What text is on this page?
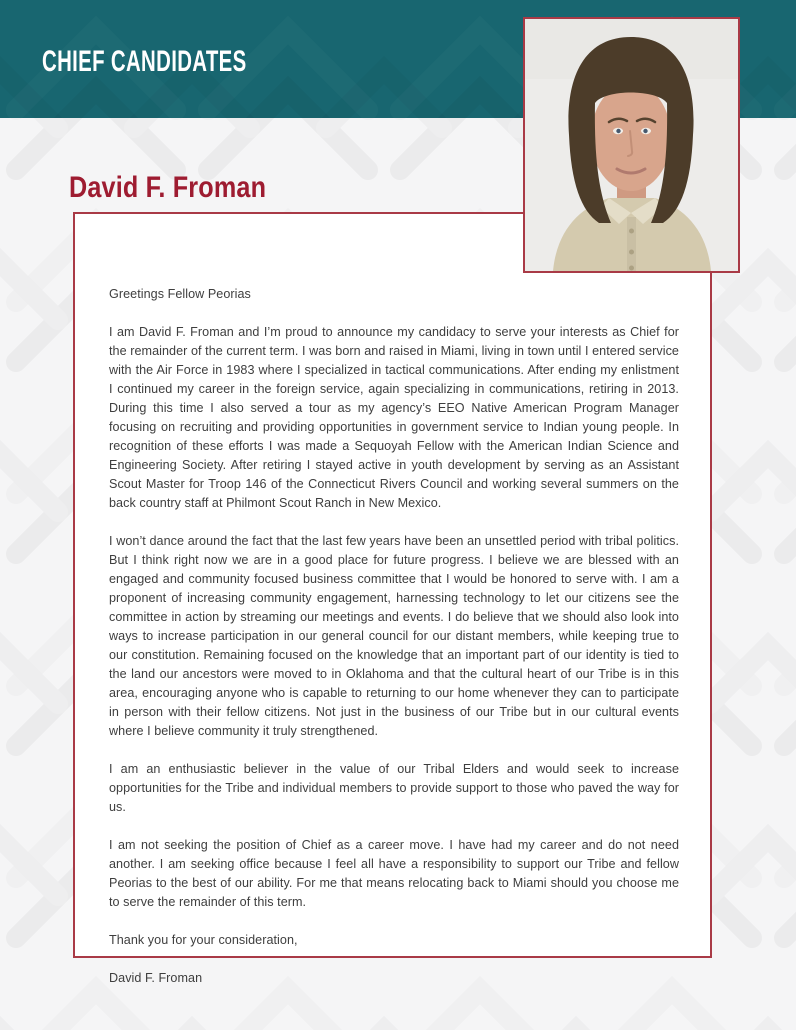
CHIEF CANDIDATES
David F. Froman

Greetings Fellow Peorias

I am David F. Froman and I’m proud to announce my candidacy to serve your interests as Chief for the remainder of the current term. I was born and raised in Miami, living in town until I entered service with the Air Force in 1983 where I specialized in tactical communications. After ending my enlistment I continued my career in the foreign service, again specializing in communications, retiring in 2013. During this time I also served a tour as my agency’s EEO Native American Program Manager focusing on recruiting and providing opportunities in government service to Indian young people. In recognition of these efforts I was made a Sequoyah Fellow with the American Indian Science and Engineering Society. After retiring I stayed active in youth development by serving as an Assistant Scout Master for Troop 146 of the Connecticut Rivers Council and working several summers on the back country staff at Philmont Scout Ranch in New Mexico.

I won’t dance around the fact that the last few years have been an unsettled period with tribal politics. But I think right now we are in a good place for future progress. I believe we are blessed with an engaged and community focused business committee that I would be honored to serve with. I am a proponent of increasing community engagement, harnessing technology to let our citizens see the committee in action by streaming our meetings and events. I do believe that we should also look into ways to increase participation in our general council for our distant members, while keeping true to our constitution. Remaining focused on the knowledge that an important part of our identity is tied to the land our ancestors were moved to in Oklahoma and that the cultural heart of our Tribe is in this area, encouraging anyone who is capable to returning to our home whenever they can to participate in person with their fellow citizens. Not just in the business of our Tribe but in our cultural events where I believe community it truly strengthened.

I am an enthusiastic believer in the value of our Tribal Elders and would seek to increase opportunities for the Tribe and individual members to provide support to those who paved the way for us.

I am not seeking the position of Chief as a career move. I have had my career and do not need another. I am seeking office because I feel all have a responsibility to support our Tribe and fellow Peorias to the best of our ability. For me that means relocating back to Miami should you choose me to serve the remainder of this term.

Thank you for your consideration,

David F. Froman
